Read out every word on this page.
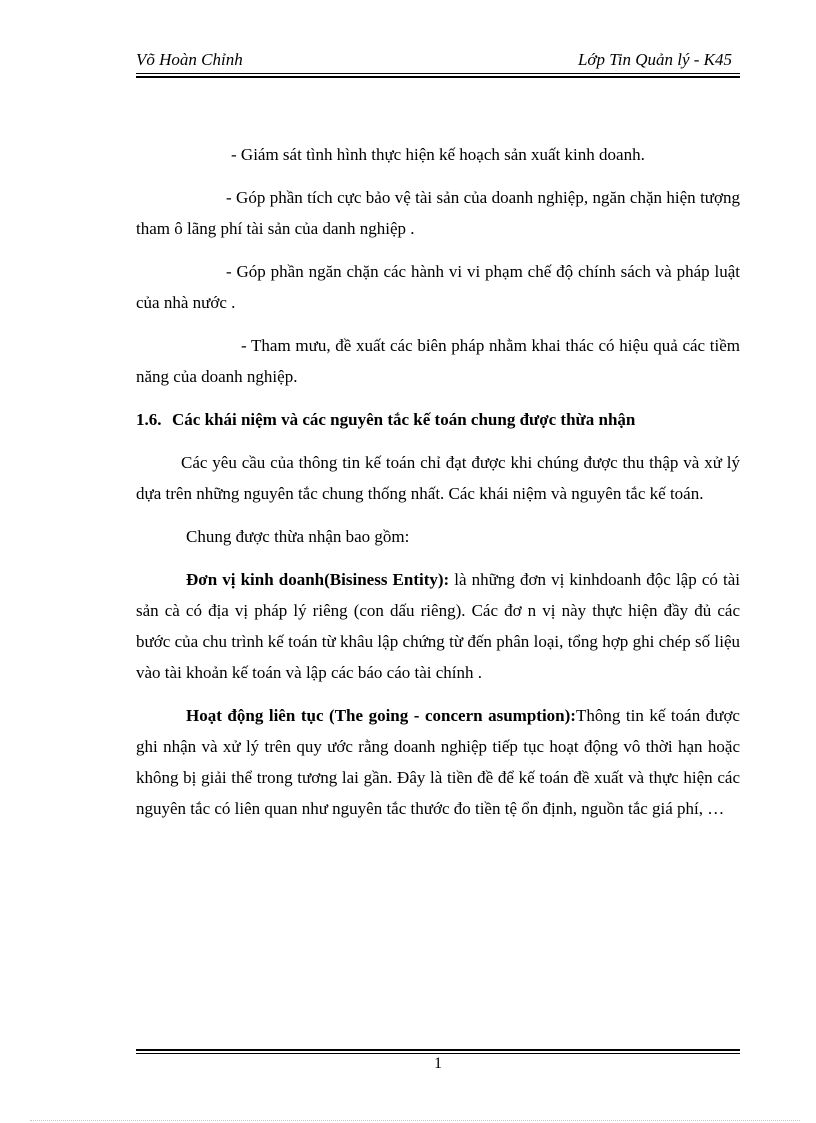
Võ Hoàn Chỉnh	Lớp Tin Quản lý - K45

- Giám sát tình hình thực hiện kế hoạch sản xuất kinh doanh.

- Góp phần tích cực bảo vệ tài sản của doanh nghiệp, ngăn chặn hiện tượng tham ô lãng phí tài sản của danh nghiệp .

- Góp phần ngăn chặn các hành vi vi phạm chế độ chính sách và pháp luật của nhà nước .

- Tham mưu, đề xuất các biên pháp nhằm khai thác có hiệu quả các tiềm năng của doanh nghiệp.

1.6. Các khái niệm và các nguyên tắc kế toán chung được thừa nhận

Các yêu cầu của thông tin kế toán chỉ đạt được khi chúng được thu thập và xử lý dựa trên những nguyên tắc chung thống nhất. Các khái niệm và nguyên tắc kế toán.

Chung được thừa nhận bao gồm:

Đơn vị kinh doanh(Bisiness Entity): là những đơn vị kinhdoanh độc lập có tài sản cà có địa vị pháp lý riêng (con dấu riêng). Các đơ n vị này thực hiện đầy đủ các bước của chu trình kế toán từ khâu lập chứng từ đến phân loại, tổng hợp ghi chép số liệu vào tài khoản kế toán và lập các báo cáo tài chính .

Hoạt động liên tục (The going - concern asumption):Thông tin kế toán được ghi nhận và xử lý trên quy ước rằng doanh nghiệp tiếp tục hoạt động vô thời hạn hoặc không bị giải thể trong tương lai gần. Đây là tiền đề để kế toán đề xuất và thực hiện các nguyên tắc có liên quan như nguyên tắc thước đo tiền tệ ổn định, nguồn tắc giá phí, …

1
